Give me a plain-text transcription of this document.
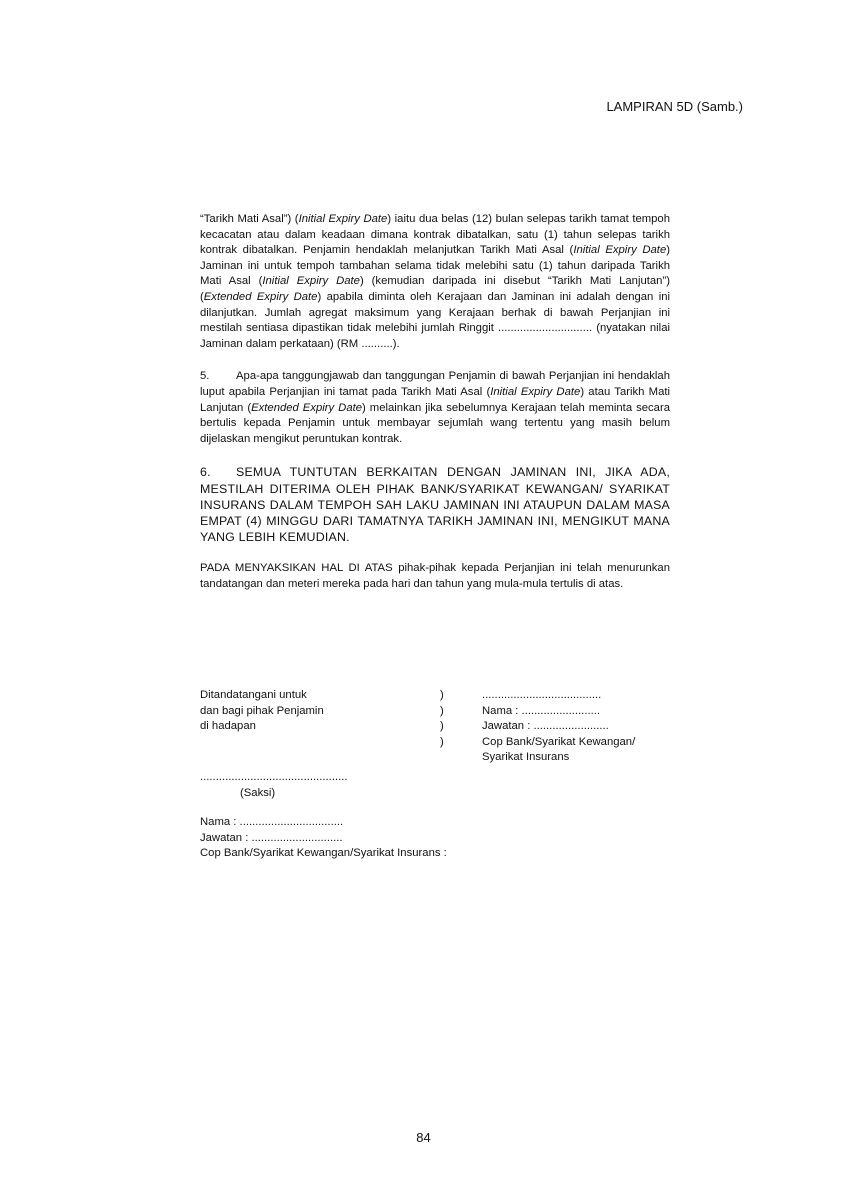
LAMPIRAN 5D (Samb.)

“Tarikh Mati Asal”) (Initial Expiry Date) iaitu dua belas (12) bulan selepas tarikh tamat tempoh kecacatan atau dalam keadaan dimana kontrak dibatalkan, satu (1) tahun selepas tarikh kontrak dibatalkan. Penjamin hendaklah melanjutkan Tarikh Mati Asal (Initial Expiry Date) Jaminan ini untuk tempoh tambahan selama tidak melebihi satu (1) tahun daripada Tarikh Mati Asal (Initial Expiry Date) (kemudian daripada ini disebut “Tarikh Mati Lanjutan”) (Extended Expiry Date) apabila diminta oleh Kerajaan dan Jaminan ini adalah dengan ini dilanjutkan. Jumlah agregat maksimum yang Kerajaan berhak di bawah Perjanjian ini mestilah sentiasa dipastikan tidak melebihi jumlah Ringgit .............................. (nyatakan nilai Jaminan dalam perkataan) (RM ..........).

5. Apa-apa tanggungjawab dan tanggungan Penjamin di bawah Perjanjian ini hendaklah luput apabila Perjanjian ini tamat pada Tarikh Mati Asal (Initial Expiry Date) atau Tarikh Mati Lanjutan (Extended Expiry Date) melainkan jika sebelumnya Kerajaan telah meminta secara bertulis kepada Penjamin untuk membayar sejumlah wang tertentu yang masih belum dijelaskan mengikut peruntukan kontrak.

6. SEMUA TUNTUTAN BERKAITAN DENGAN JAMINAN INI, JIKA ADA, MESTILAH DITERIMA OLEH PIHAK BANK/SYARIKAT KEWANGAN/ SYARIKAT INSURANS DALAM TEMPOH SAH LAKU JAMINAN INI ATAUPUN DALAM MASA EMPAT (4) MINGGU DARI TAMATNYA TARIKH JAMINAN INI, MENGIKUT MANA YANG LEBIH KEMUDIAN.

PADA MENYAKSIKAN HAL DI ATAS pihak-pihak kepada Perjanjian ini telah menurunkan tandatangan dan meteri mereka pada hari dan tahun yang mula-mula tertulis di atas.

Ditandatangani untuk
dan bagi pihak Penjamin
di hadapan
)
)
)
)
......................................
Nama : .........................
Jawatan : ........................
Cop Bank/Syarikat Kewangan/
Syarikat Insurans
...............................................
(Saksi)
Nama : .................................
Jawatan : .............................
Cop Bank/Syarikat Kewangan/Syarikat Insurans :
84
